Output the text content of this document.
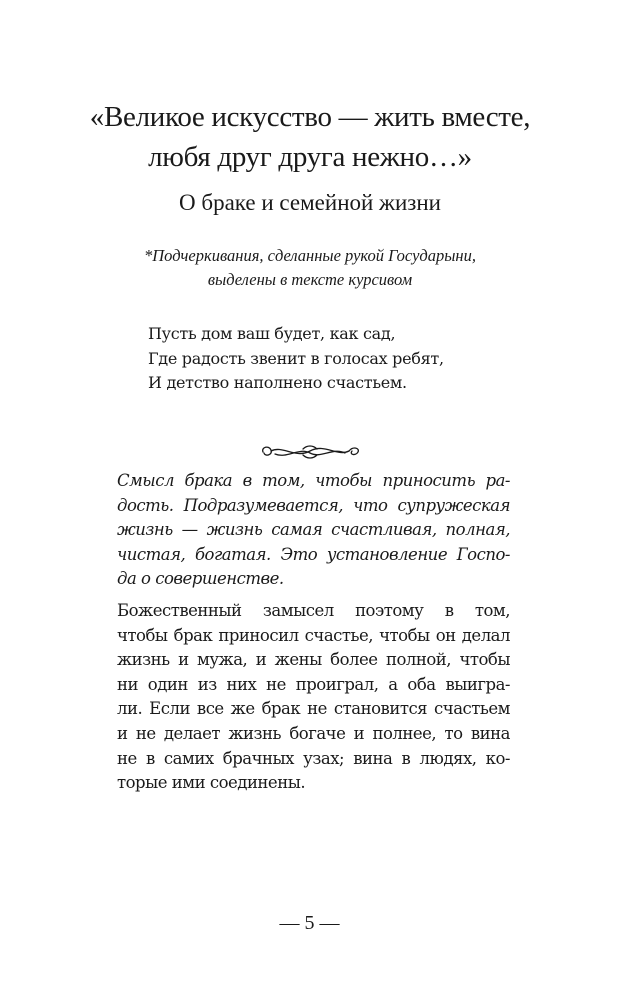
«Великое искусство — жить вместе,
любя друг друга нежно…»
О браке и семейной жизни
*Подчеркивания, сделанные рукой Государыни,
выделены в тексте курсивом
Пусть дом ваш будет, как сад,
Где радость звенит в голосах ребят,
И детство наполнено счастьем.
Смысл брака в том, чтобы приносить ра-
дость. Подразумевается, что супружеская
жизнь — жизнь самая счастливая, полная,
чистая, богатая. Это установление Госпо-
да о совершенстве.
Божественный замысел поэтому в том,
чтобы брак приносил счастье, чтобы он делал
жизнь и мужа, и жены более полной, чтобы
ни один из них не проиграл, а оба выигра-
ли. Если все же брак не становится счастьем
и не делает жизнь богаче и полнее, то вина
не в самих брачных узах; вина в людях, ко-
торые ими соединены.
— 5 —
